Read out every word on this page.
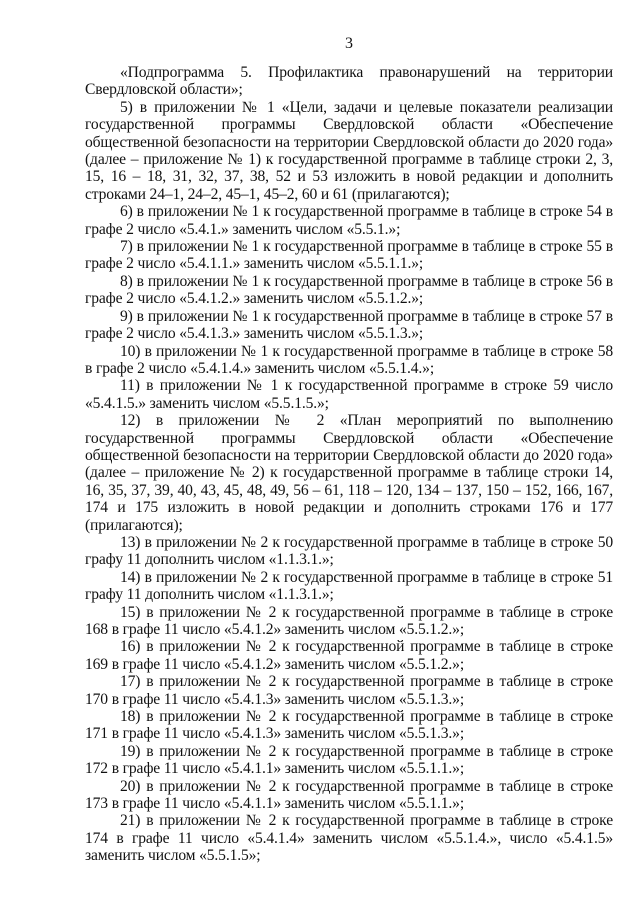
3

«Подпрограмма 5. Профилактика правонарушений на территории Свердловской области»;

5) в приложении № 1 «Цели, задачи и целевые показатели реализации государственной программы Свердловской области «Обеспечение общественной безопасности на территории Свердловской области до 2020 года» (далее – приложение № 1) к государственной программе в таблице строки 2, 3, 15, 16 – 18, 31, 32, 37, 38, 52 и 53 изложить в новой редакции и дополнить строками 24–1, 24–2, 45–1, 45–2, 60 и 61 (прилагаются);

6) в приложении № 1 к государственной программе в таблице в строке 54 в графе 2 число «5.4.1.» заменить числом «5.5.1.»;

7) в приложении № 1 к государственной программе в таблице в строке 55 в графе 2 число «5.4.1.1.» заменить числом «5.5.1.1.»;

8) в приложении № 1 к государственной программе в таблице в строке 56 в графе 2 число «5.4.1.2.» заменить числом «5.5.1.2.»;

9) в приложении № 1 к государственной программе в таблице в строке 57 в графе 2 число «5.4.1.3.» заменить числом «5.5.1.3.»;

10) в приложении № 1 к государственной программе в таблице в строке 58 в графе 2 число «5.4.1.4.» заменить числом «5.5.1.4.»;

11) в приложении № 1 к государственной программе в строке 59 число «5.4.1.5.» заменить числом «5.5.1.5.»;

12) в приложении № 2 «План мероприятий по выполнению государственной программы Свердловской области «Обеспечение общественной безопасности на территории Свердловской области до 2020 года» (далее – приложение № 2) к государственной программе в таблице строки 14, 16, 35, 37, 39, 40, 43, 45, 48, 49, 56 – 61, 118 – 120, 134 – 137, 150 – 152, 166, 167, 174 и 175 изложить в новой редакции и дополнить строками 176 и 177 (прилагаются);

13) в приложении № 2 к государственной программе в таблице в строке 50 графу 11 дополнить числом «1.1.3.1.»;

14) в приложении № 2 к государственной программе в таблице в строке 51 графу 11 дополнить числом «1.1.3.1.»;

15) в приложении № 2 к государственной программе в таблице в строке 168 в графе 11 число «5.4.1.2» заменить числом «5.5.1.2.»;

16) в приложении № 2 к государственной программе в таблице в строке 169 в графе 11 число «5.4.1.2» заменить числом «5.5.1.2.»;

17) в приложении № 2 к государственной программе в таблице в строке 170 в графе 11 число «5.4.1.3» заменить числом «5.5.1.3.»;

18) в приложении № 2 к государственной программе в таблице в строке 171 в графе 11 число «5.4.1.3» заменить числом «5.5.1.3.»;

19) в приложении № 2 к государственной программе в таблице в строке 172 в графе 11 число «5.4.1.1» заменить числом «5.5.1.1.»;

20) в приложении № 2 к государственной программе в таблице в строке 173 в графе 11 число «5.4.1.1» заменить числом «5.5.1.1.»;

21) в приложении № 2 к государственной программе в таблице в строке 174 в графе 11 число «5.4.1.4» заменить числом «5.5.1.4.», число «5.4.1.5» заменить числом «5.5.1.5»;
